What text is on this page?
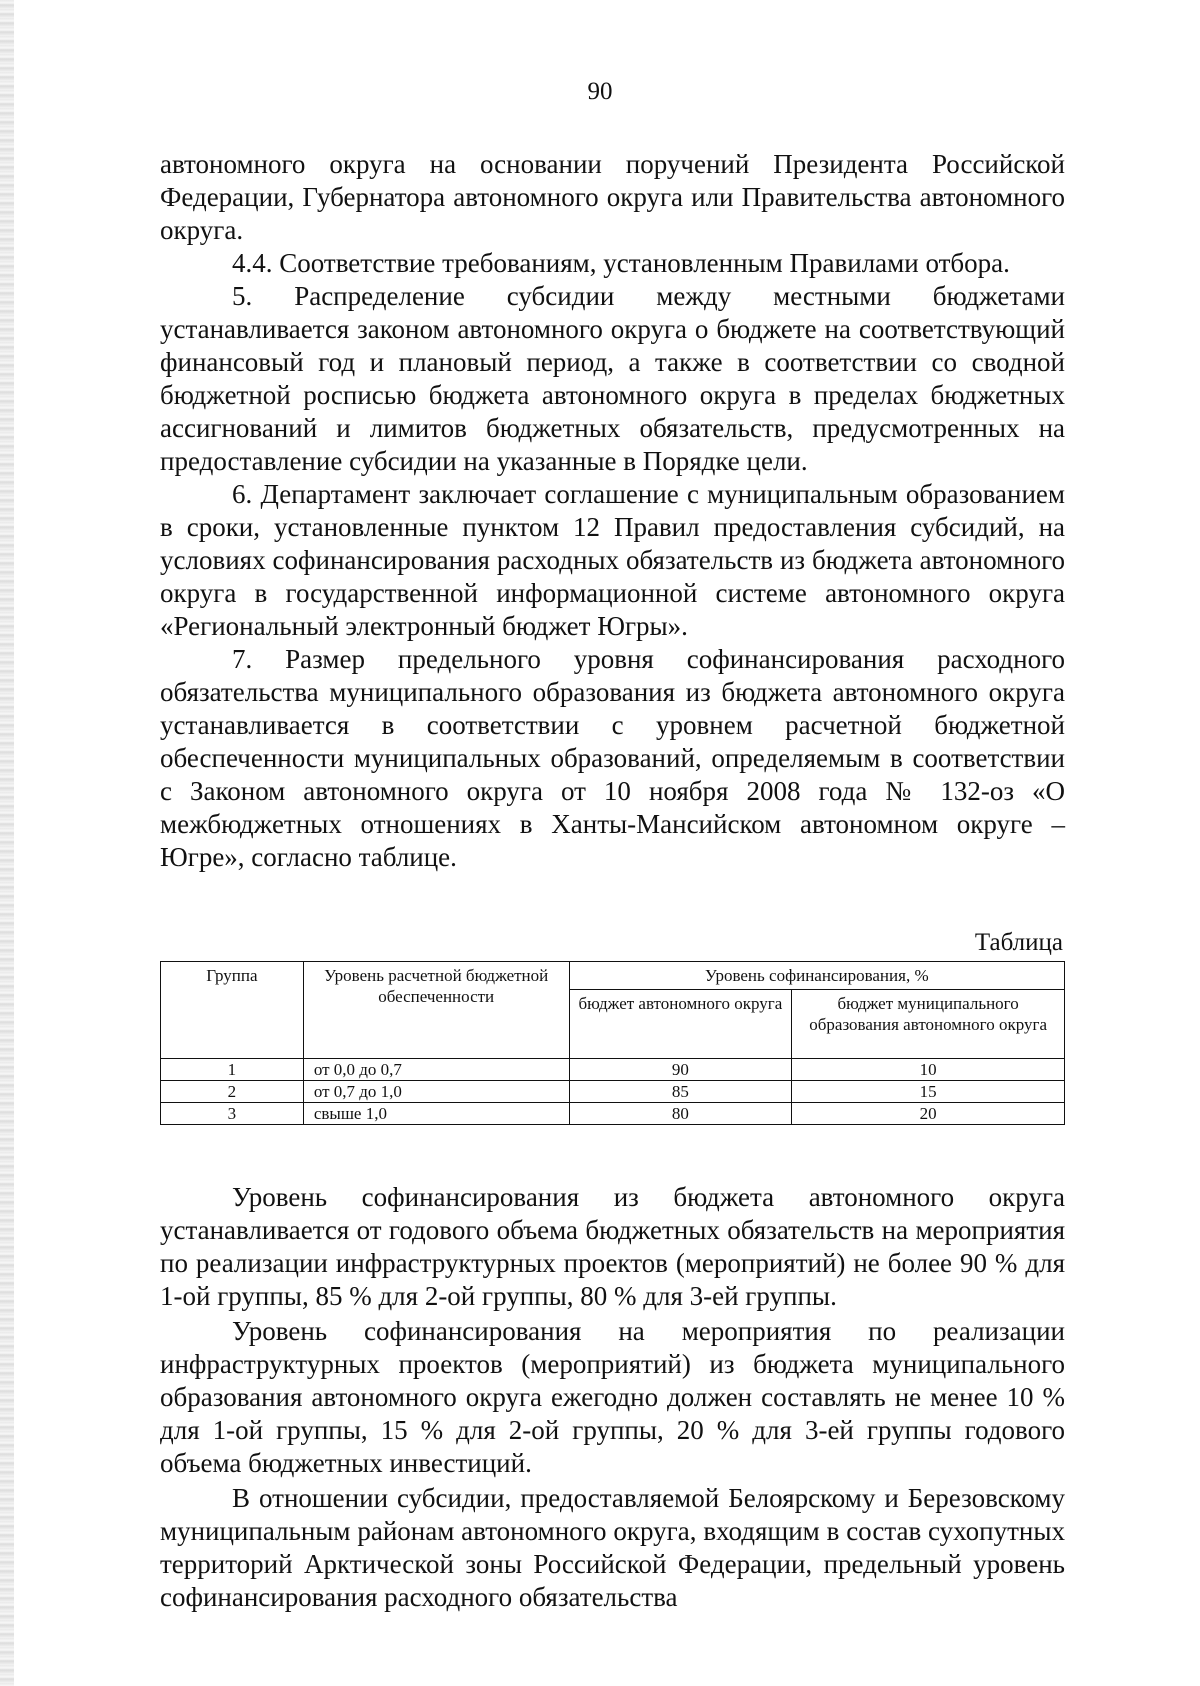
90

автономного округа на основании поручений Президента Российской Федерации, Губернатора автономного округа или Правительства автономного округа.

4.4. Соответствие требованиям, установленным Правилами отбора.

5. Распределение субсидии между местными бюджетами устанавливается законом автономного округа о бюджете на соответствующий финансовый год и плановый период, а также в соответствии со сводной бюджетной росписью бюджета автономного округа в пределах бюджетных ассигнований и лимитов бюджетных обязательств, предусмотренных на предоставление субсидии на указанные в Порядке цели.

6. Департамент заключает соглашение с муниципальным образованием в сроки, установленные пунктом 12 Правил предоставления субсидий, на условиях софинансирования расходных обязательств из бюджета автономного округа в государственной информационной системе автономного округа «Региональный электронный бюджет Югры».

7. Размер предельного уровня софинансирования расходного обязательства муниципального образования из бюджета автономного округа устанавливается в соответствии с уровнем расчетной бюджетной обеспеченности муниципальных образований, определяемым в соответствии с Законом автономного округа от 10 ноября 2008 года № 132-оз «О межбюджетных отношениях в Ханты-Мансийском автономном округе – Югре», согласно таблице.

Таблица
Группа	Уровень расчетной бюджетной обеспеченности	Уровень софинансирования, %	
		бюджет автономного округа	бюджет муниципального образования автономного округа
1	от 0,0 до 0,7	90	10
2	от 0,7 до 1,0	85	15
3	свыше 1,0	80	20

Уровень софинансирования из бюджета автономного округа устанавливается от годового объема бюджетных обязательств на мероприятия по реализации инфраструктурных проектов (мероприятий) не более 90 % для 1-ой группы, 85 % для 2-ой группы, 80 % для 3-ей группы.

Уровень софинансирования на мероприятия по реализации инфраструктурных проектов (мероприятий) из бюджета муниципального образования автономного округа ежегодно должен составлять не менее 10 % для 1-ой группы, 15 % для 2-ой группы, 20 % для 3-ей группы годового объема бюджетных инвестиций.

В отношении субсидии, предоставляемой Белоярскому и Березовскому муниципальным районам автономного округа, входящим в состав сухопутных территорий Арктической зоны Российской Федерации, предельный уровень софинансирования расходного обязательства
